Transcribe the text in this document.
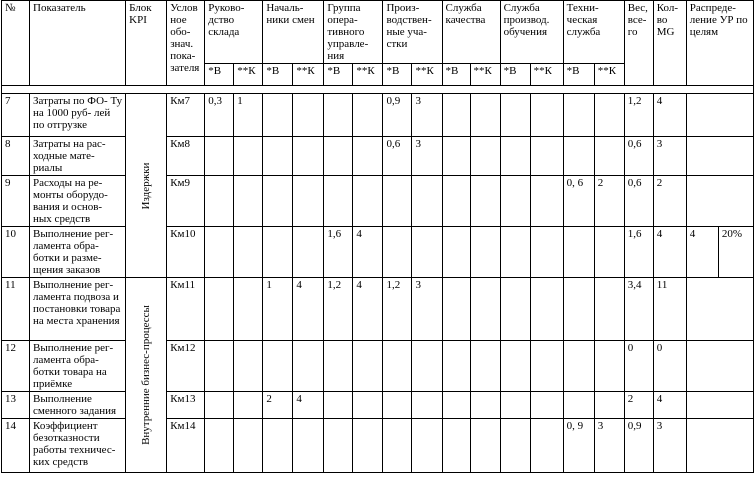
№	Показатель	Блок KPI	Услов ное обо- знач. пока- зателя	Руково- дство склада		Началь- ники смен		Группа опера- тивного управле- ния		Произ- водствен- ные уча- стки		Служба качества		Служба производ. обучения		Техни- ческая служба		Вес, все- го	Кол- во MG	Распреде- ление УР по целям	
				*В	**К	*В	**К	*В	**К	*В	**К	*В	**К	*В	**К	*В	**К				

7	Затраты по ФО- Ту на 1000 руб- лей по отгрузке	Издержки	Км7	0,3	1					0,9	3							1,2	4		
8	Затраты на рас- ходные мате- риалы		Км8							0,6	3							0,6	3		
9	Расходы на ре- монты оборудо- вания и основ- ных средств		Км9													0, 6	2	0,6	2		
10	Выполнение рег- ламента обра- ботки и разме- щения заказов		Км10					1,6	4									1,6	4	4	20%
11	Выполнение рег- ламента подвоза и постановки товара на места хранения	Внутренние бизнес-процессы	Км11			1	4	1,2	4	1,2	3							3,4	11		
12	Выполнение рег- ламента обра- ботки товара на приёмке		Км12															0	0		
13	Выполнение сменного задания		Км13			2	4											2	4		
14	Коэффициент безотказности работы техничес- ких средств		Км14													0, 9	3	0,9	3		
